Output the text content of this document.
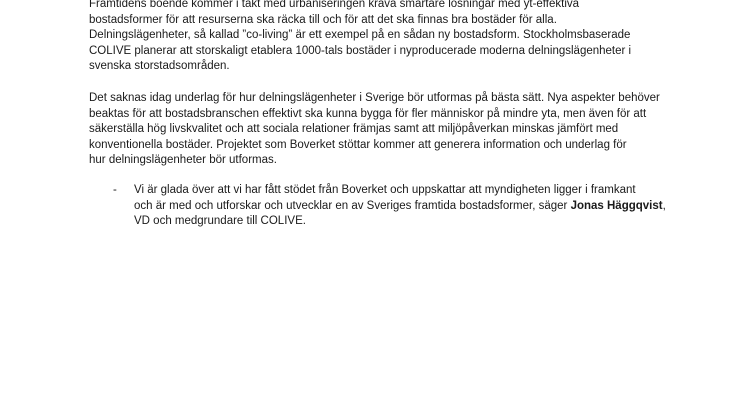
Framtidens boende kommer i takt med urbaniseringen kräva smartare lösningar med yt-effektiva
bostadsformer för att resurserna ska räcka till och för att det ska finnas bra bostäder för alla.
Delningslägenheter, så kallad ”co-living” är ett exempel på en sådan ny bostadsform. Stockholmsbaserade
COLIVE planerar att storskaligt etablera 1000-tals bostäder i nyproducerade moderna delningslägenheter i
svenska storstadsområden.

Det saknas idag underlag för hur delningslägenheter i Sverige bör utformas på bästa sätt. Nya aspekter behöver
beaktas för att bostadsbranschen effektivt ska kunna bygga för fler människor på mindre yta, men även för att
säkerställa hög livskvalitet och att sociala relationer främjas samt att miljöpåverkan minskas jämfört med
konventionella bostäder. Projektet som Boverket stöttar kommer att generera information och underlag för
hur delningslägenheter bör utformas.

- Vi är glada över att vi har fått stödet från Boverket och uppskattar att myndigheten ligger i framkant
och är med och utforskar och utvecklar en av Sveriges framtida bostadsformer, säger Jonas Häggqvist,
VD och medgrundare till COLIVE.
